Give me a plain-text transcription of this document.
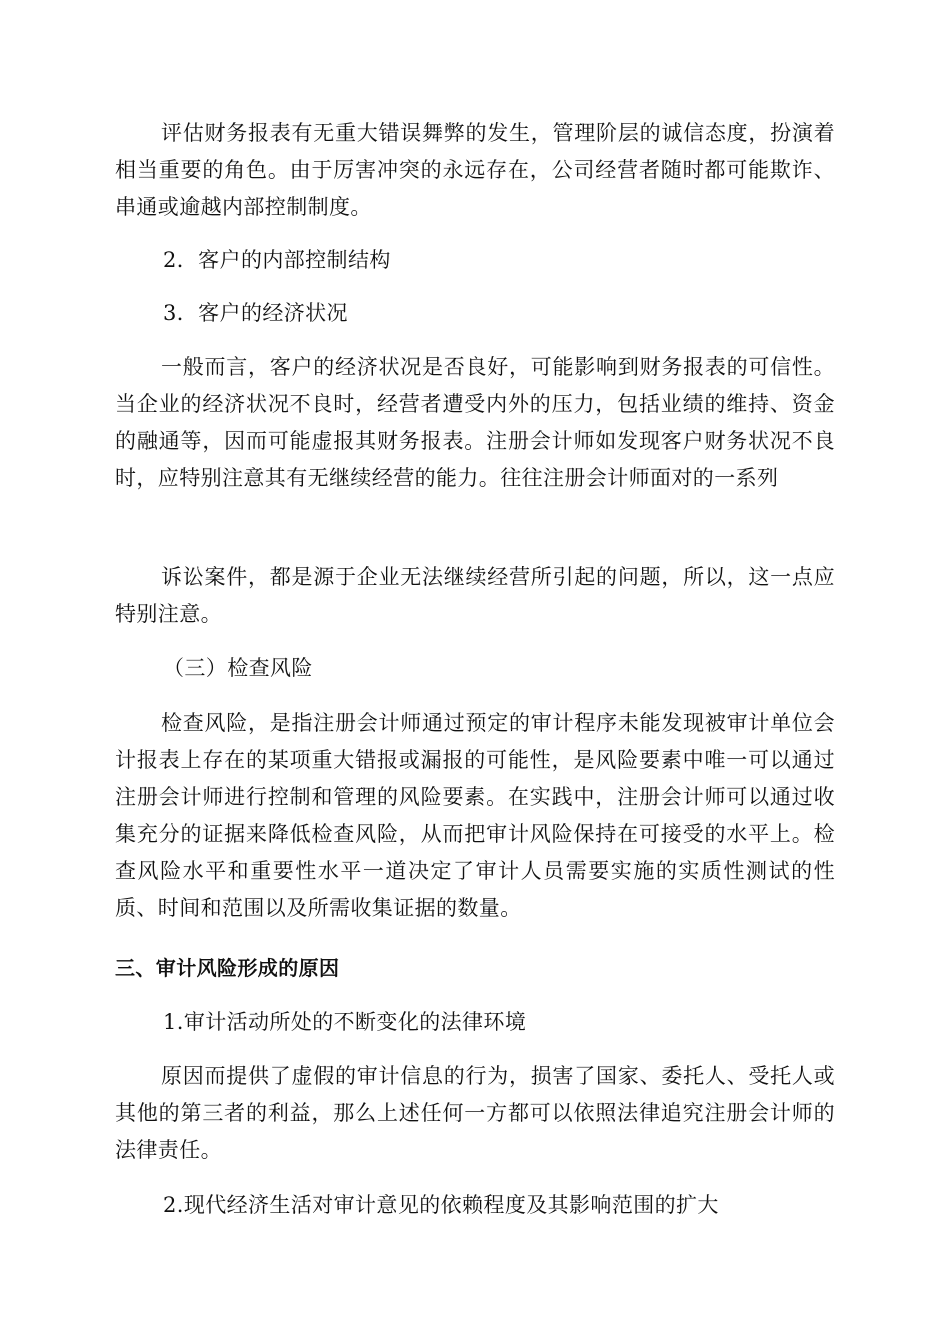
评估财务报表有无重大错误舞弊的发生，管理阶层的诚信态度，扮演着相当重要的角色。由于厉害冲突的永远存在，公司经营者随时都可能欺诈、串通或逾越内部控制制度。

2．客户的内部控制结构

3．客户的经济状况

一般而言，客户的经济状况是否良好，可能影响到财务报表的可信性。当企业的经济状况不良时，经营者遭受内外的压力，包括业绩的维持、资金的融通等，因而可能虚报其财务报表。注册会计师如发现客户财务状况不良时，应特别注意其有无继续经营的能力。往往注册会计师面对的一系列

诉讼案件，都是源于企业无法继续经营所引起的问题，所以，这一点应特别注意。

（三）检查风险

检查风险，是指注册会计师通过预定的审计程序未能发现被审计单位会计报表上存在的某项重大错报或漏报的可能性，是风险要素中唯一可以通过注册会计师进行控制和管理的风险要素。在实践中，注册会计师可以通过收集充分的证据来降低检查风险，从而把审计风险保持在可接受的水平上。检查风险水平和重要性水平一道决定了审计人员需要实施的实质性测试的性质、时间和范围以及所需收集证据的数量。

三、审计风险形成的原因

1.审计活动所处的不断变化的法律环境

原因而提供了虚假的审计信息的行为，损害了国家、委托人、受托人或其他的第三者的利益，那么上述任何一方都可以依照法律追究注册会计师的法律责任。

2.现代经济生活对审计意见的依赖程度及其影响范围的扩大
